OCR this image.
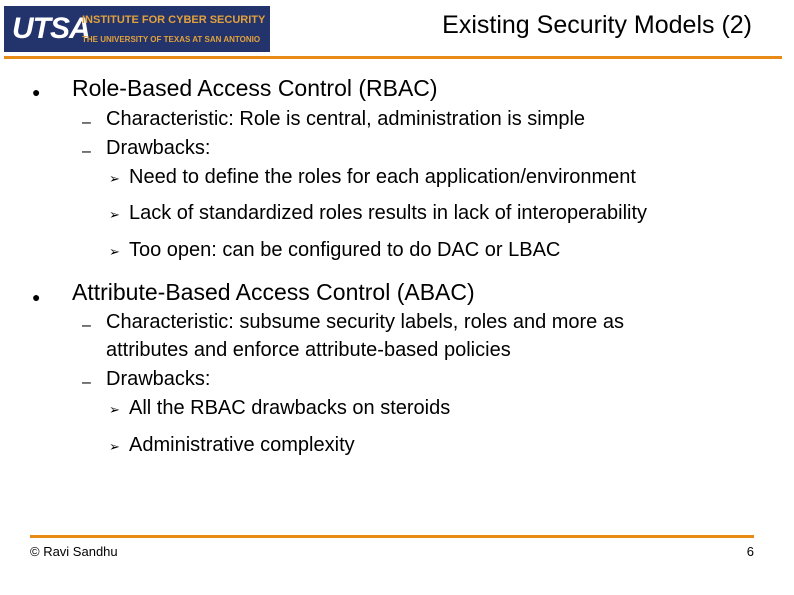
UTSA
INSTITUTE FOR CYBER SECURITY
THE UNIVERSITY OF TEXAS AT SAN ANTONIO
Existing Security Models (2)
● Role-Based Access Control (RBAC)
– Characteristic: Role is central, administration is simple
– Drawbacks:
➢ Need to define the roles for each application/environment
➢ Lack of standardized roles results in lack of interoperability
➢ Too open: can be configured to do DAC or LBAC
● Attribute-Based Access Control (ABAC)
– Characteristic: subsume security labels, roles and more as
attributes and enforce attribute-based policies
– Drawbacks:
➢ All the RBAC drawbacks on steroids
➢ Administrative complexity
© Ravi Sandhu	6
